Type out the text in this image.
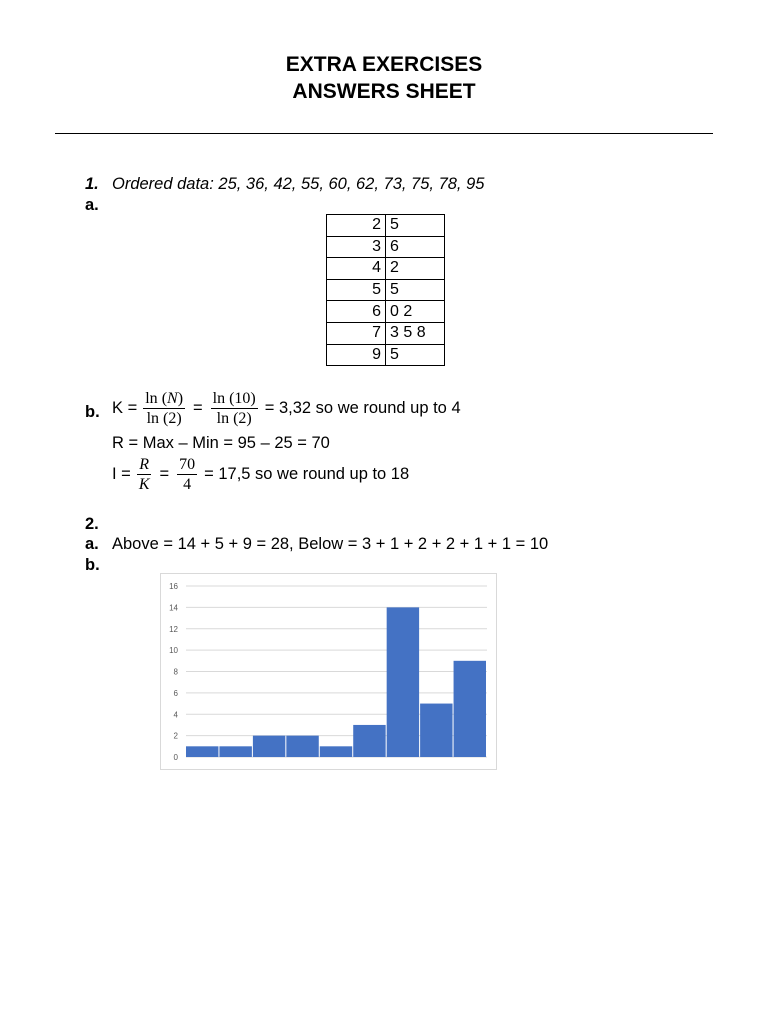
EXTRA EXERCISES
ANSWERS SHEET
1. Ordered data: 25, 36, 42, 55, 60, 62, 73, 75, 78, 95
a.
2	5
3	6
4	2
5	5
6	0 2
7	3 5 8
9	5
b. $K = \frac{\ln (N)}{\ln (2)} = \frac{\ln (10)}{\ln (2)} = 3,32$ so we round up to 4
R = Max – Min = 95 – 25 = 70
$I = \frac{R}{K} = \frac{70}{4} = 17,5$ so we round up to 18
2.
a. Above = 14 + 5 + 9 = 28, Below = 3 + 1 + 2 + 2 + 1 + 1 = 10
b.
0
2
4
6
8
10
12
14
16
